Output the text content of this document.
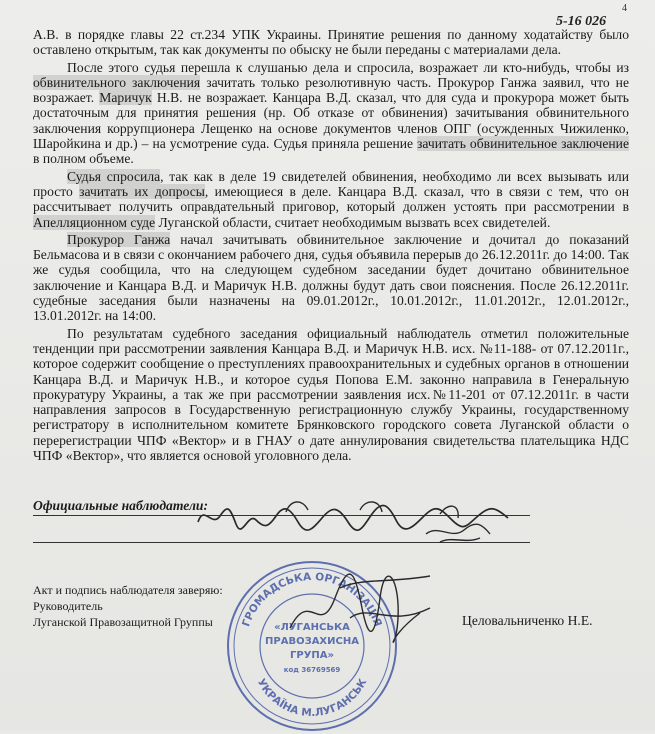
4
5-16 026

А.В. в порядке главы 22 ст.234 УПК Украины. Принятие решения по данному ходатайству было оставлено открытым, так как документы по обыску не были переданы с материалами дела.

После этого судья перешла к слушанью дела и спросила, возражает ли кто-нибудь, чтобы из обвинительного заключения зачитать только резолютивную часть. Прокурор Ганжа заявил, что не возражает. Маричук Н.В. не возражает. Канцара В.Д. сказал, что для суда и прокурора может быть достаточным для принятия решения (нр. Об отказе от обвинения) зачитывания обвинительного заключения коррупционера Лещенко на основе документов членов ОПГ (осужденных Чижиленко, Шаройкина и др.) – на усмотрение суда. Судья приняла решение зачитать обвинительное заключение в полном объеме.

Судья спросила, так как в деле 19 свидетелей обвинения, необходимо ли всех вызывать или просто зачитать их допросы, имеющиеся в деле. Канцара В.Д. сказал, что в связи с тем, что он рассчитывает получить оправдательный приговор, который должен устоять при рассмотрении в Апелляционном суде Луганской области, считает необходимым вызвать всех свидетелей.

Прокурор Ганжа начал зачитывать обвинительное заключение и дочитал до показаний Бельмасова и в связи с окончанием рабочего дня, судья объявила перерыв до 26.12.2011г. до 14:00. Так же судья сообщила, что на следующем судебном заседании будет дочитано обвинительное заключение и Канцара В.Д. и Маричук Н.В. должны будут дать свои пояснения. После 26.12.2011г. судебные заседания были назначены на 09.01.2012г., 10.01.2012г., 11.01.2012г., 12.01.2012г., 13.01.2012г. на 14:00.

По результатам судебного заседания официальный наблюдатель отметил положительные тенденции при рассмотрении заявления Канцара В.Д. и Маричук Н.В. исх. №11-188- от 07.12.2011г., которое содержит сообщение о преступлениях правоохранительных и судебных органов в отношении Канцара В.Д. и Маричук Н.В., и которое судья Попова Е.М. законно направила в Генеральную прокуратуру Украины, а так же при рассмотрении заявления исх.№11-201 от 07.12.2011г. в части направления запросов в Государственную регистрационную службу Украины, государственному регистратору в исполнительном комитете Брянковского городского совета Луганской области о перерегистрации ЧПФ «Вектор» и в ГНАУ о дате аннулирования свидетельства плательщика НДС ЧПФ «Вектор», что является основой уголовного дела.

Официальные наблюдатели:
Акт и подпись наблюдателя заверяю:
Руководитель
Луганской Правозащитной Группы	Целовальниченко Н.Е.
ГРОМАДСЬКА ОРГАНІЗАЦІЯ
УКРАЇНА М.ЛУГАНСЬК
«ЛУГАНСЬКА
ПРАВОЗАХИСНА
ГРУПА»
код 36769569
